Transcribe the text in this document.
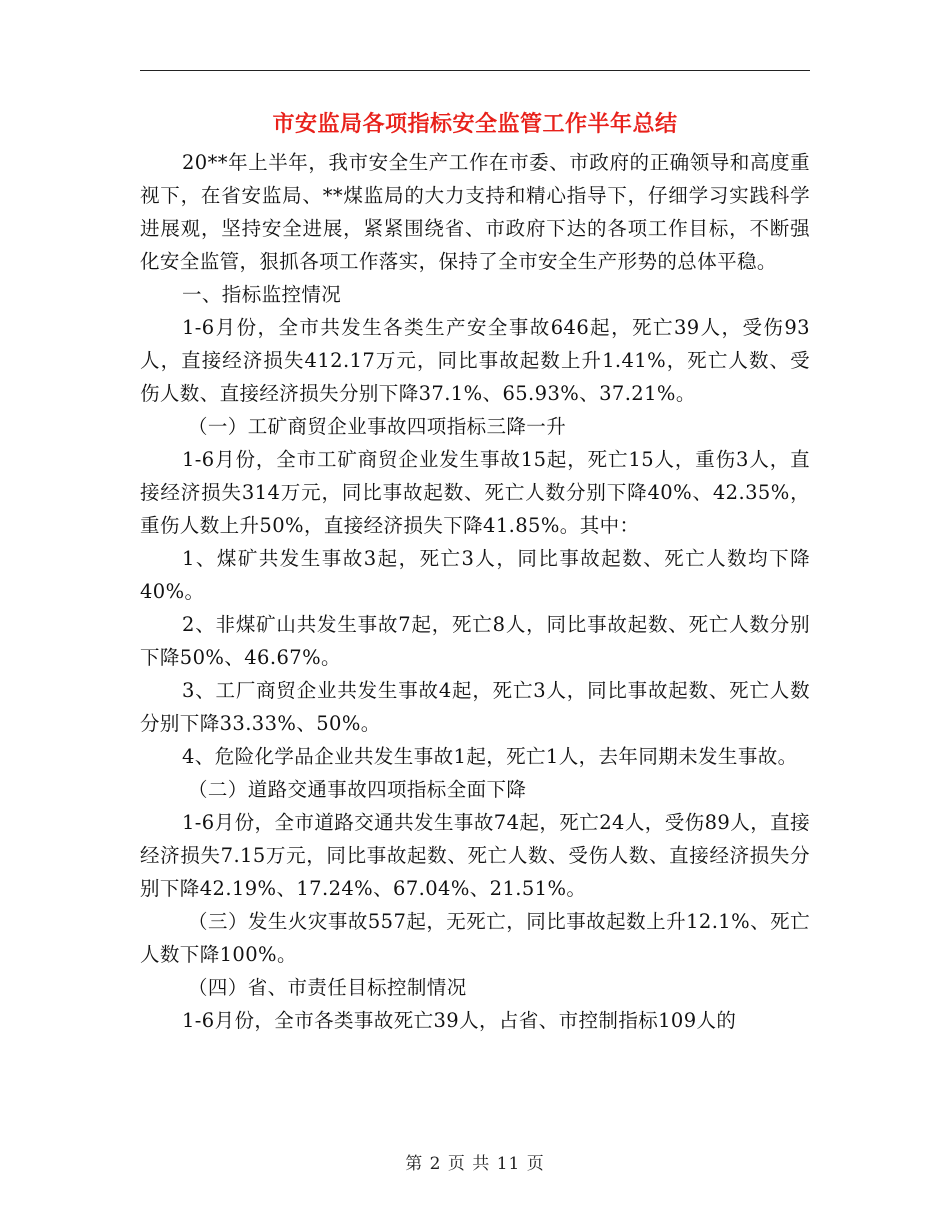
市安监局各项指标安全监管工作半年总结

20**年上半年，我市安全生产工作在市委、市政府的正确领导和高度重视下，在省安监局、**煤监局的大力支持和精心指导下，仔细学习实践科学进展观，坚持安全进展，紧紧围绕省、市政府下达的各项工作目标，不断强化安全监管，狠抓各项工作落实，保持了全市安全生产形势的总体平稳。

一、指标监控情况

1-6月份，全市共发生各类生产安全事故646起，死亡39人，受伤93人，直接经济损失412.17万元，同比事故起数上升1.41%，死亡人数、受伤人数、直接经济损失分别下降37.1%、65.93%、37.21%。

（一）工矿商贸企业事故四项指标三降一升

1-6月份，全市工矿商贸企业发生事故15起，死亡15人，重伤3人，直接经济损失314万元，同比事故起数、死亡人数分别下降40%、42.35%，重伤人数上升50%，直接经济损失下降41.85%。其中：

1、煤矿共发生事故3起，死亡3人，同比事故起数、死亡人数均下降40%。

2、非煤矿山共发生事故7起，死亡8人，同比事故起数、死亡人数分别下降50%、46.67%。

3、工厂商贸企业共发生事故4起，死亡3人，同比事故起数、死亡人数分别下降33.33%、50%。

4、危险化学品企业共发生事故1起，死亡1人，去年同期未发生事故。

（二）道路交通事故四项指标全面下降

1-6月份，全市道路交通共发生事故74起，死亡24人，受伤89人，直接经济损失7.15万元，同比事故起数、死亡人数、受伤人数、直接经济损失分别下降42.19%、17.24%、67.04%、21.51%。

（三）发生火灾事故557起，无死亡，同比事故起数上升12.1%、死亡人数下降100%。

（四）省、市责任目标控制情况

1-6月份，全市各类事故死亡39人，占省、市控制指标109人的

第 2 页 共 11 页
